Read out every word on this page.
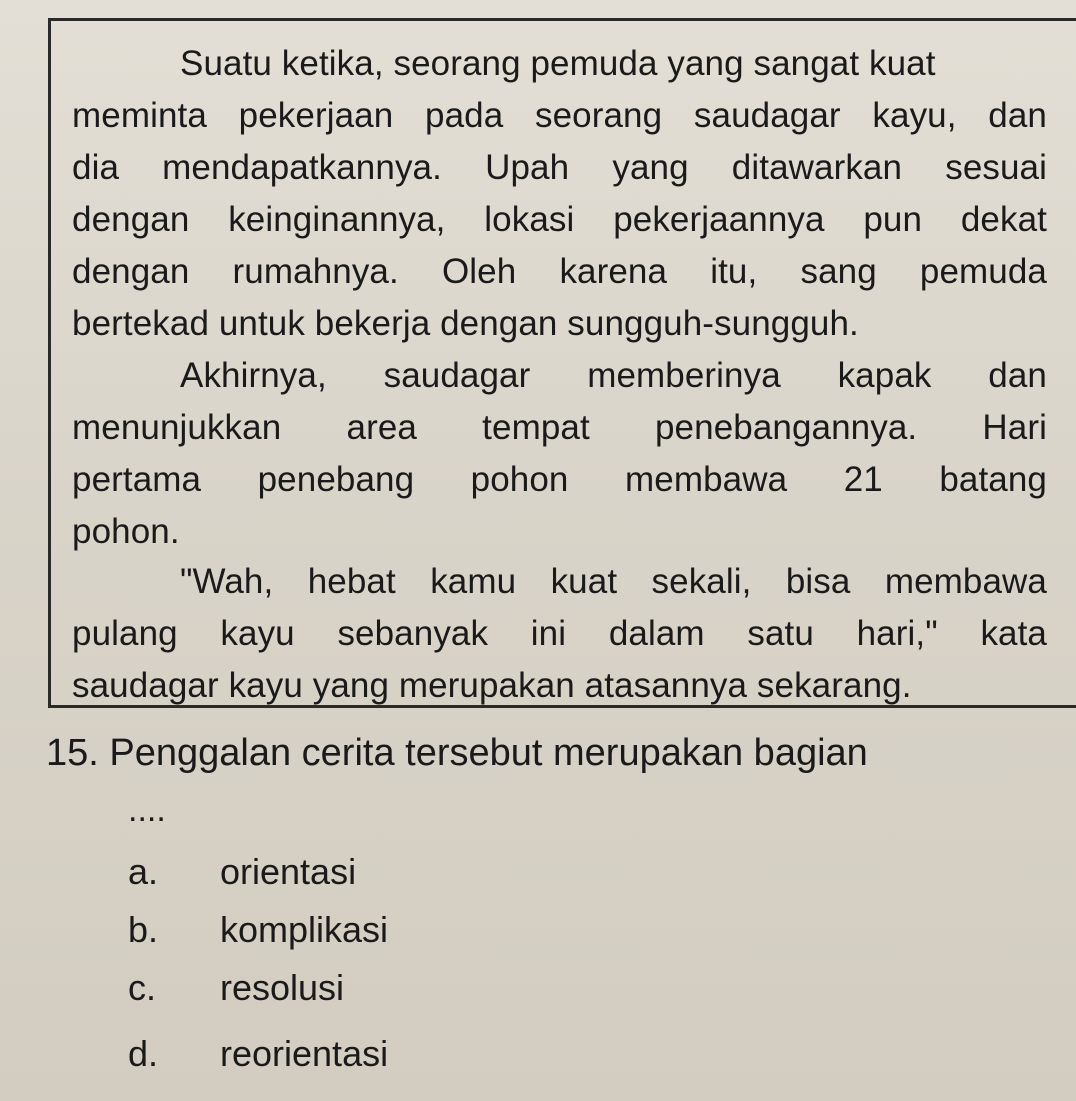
Suatu ketika, seorang pemuda yang sangat kuat
meminta pekerjaan pada seorang saudagar kayu, dan
dia mendapatkannya. Upah yang ditawarkan sesuai
dengan keinginannya, lokasi pekerjaannya pun dekat
dengan rumahnya. Oleh karena itu, sang pemuda
bertekad untuk bekerja dengan sungguh-sungguh.
Akhirnya, saudagar memberinya kapak dan
menunjukkan area tempat penebangannya. Hari
pertama penebang pohon membawa 21 batang
pohon.
"Wah, hebat kamu kuat sekali, bisa membawa
pulang kayu sebanyak ini dalam satu hari," kata
saudagar kayu yang merupakan atasannya sekarang.
15. Penggalan cerita tersebut merupakan bagian
....
a. orientasi
b. komplikasi
c. resolusi
d. reorientasi
